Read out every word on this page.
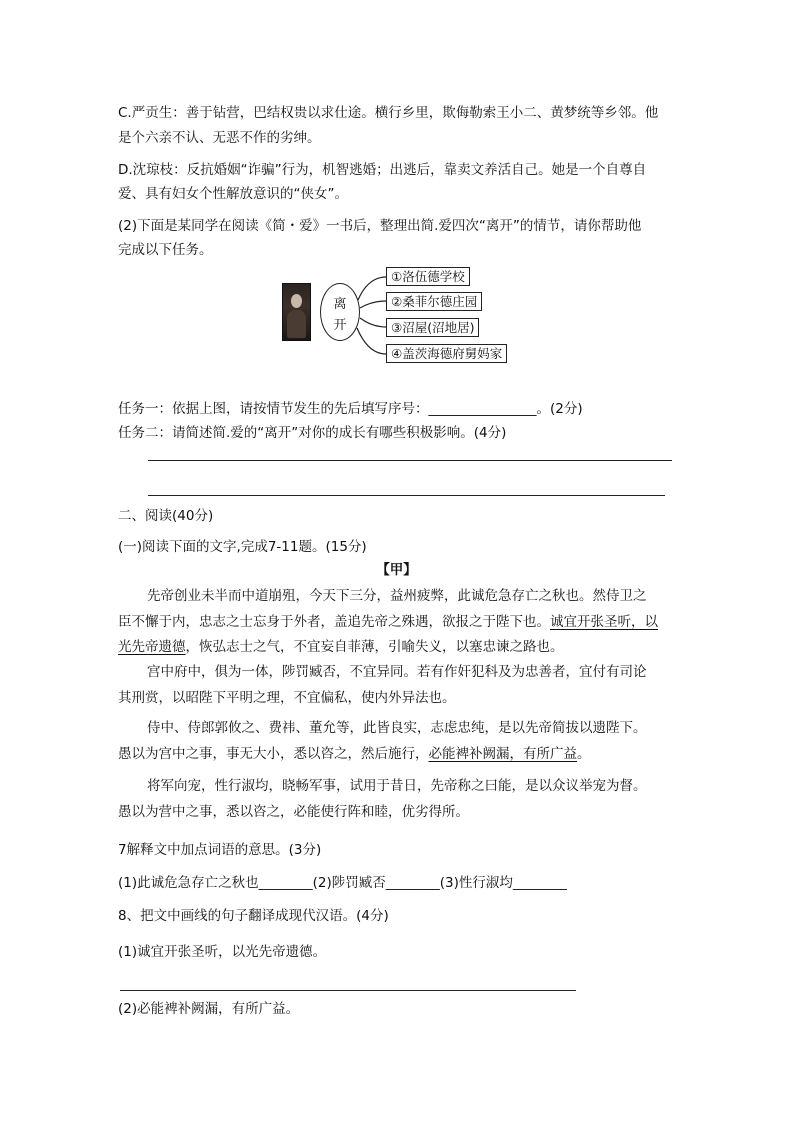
C.严贡生：善于钻营，巴结权贵以求仕途。横行乡里，欺侮勒索王小二、黄梦统等乡邻。他
是个六亲不认、无恶不作的劣绅。
D.沈琼枝：反抗婚姻“诈骗”行为，机智逃婚；出逃后，靠卖文养活自己。她是一个自尊自
爱、具有妇女个性解放意识的“侠女”。
(2)下面是某同学在阅读《简・爱》一书后，整理出简.爱四次“离开”的情节，请你帮助他
完成以下任务。
离
开
①洛伍德学校
②桑菲尔德庄园
③沼屋(沼地居)
④盖茨海德府舅妈家
任务一：依据上图，请按情节发生的先后填写序号：________________。(2分)
任务二：请简述简.爱的“离开”对你的成长有哪些积极影响。(4分)
二、阅读(40分)
(一)阅读下面的文字,完成7-11题。(15分)
【甲】
先帝创业未半而中道崩殂，今天下三分，益州疲弊，此诚危急存亡之秋也。然侍卫之
臣不懈于内，忠志之士忘身于外者，盖追先帝之殊遇，欲报之于陛下也。诚宜开张圣听，以
光先帝遗德，恢弘志士之气，不宜妄自菲薄，引喻失义，以塞忠谏之路也。
宫中府中，俱为一体，陟罚臧否，不宜异同。若有作奸犯科及为忠善者，宜付有司论
其刑赏，以昭陛下平明之理，不宜偏私，使内外异法也。
侍中、侍郎郭攸之、费祎、董允等，此皆良实，志虑忠纯，是以先帝简拔以遗陛下。
愚以为宫中之事，事无大小，悉以咨之，然后施行，必能裨补阙漏，有所广益。
将军向宠，性行淑均，晓畅军事，试用于昔日，先帝称之曰能，是以众议举宠为督。
愚以为营中之事，悉以咨之，必能使行阵和睦，优劣得所。
7解释文中加点词语的意思。(3分)
(1)此诚危急存亡之秋也________(2)陟罚臧否________(3)性行淑均________
8、把文中画线的句子翻译成现代汉语。(4分)
(1)诚宜开张圣听，以光先帝遗德。
(2)必能裨补阙漏，有所广益。
